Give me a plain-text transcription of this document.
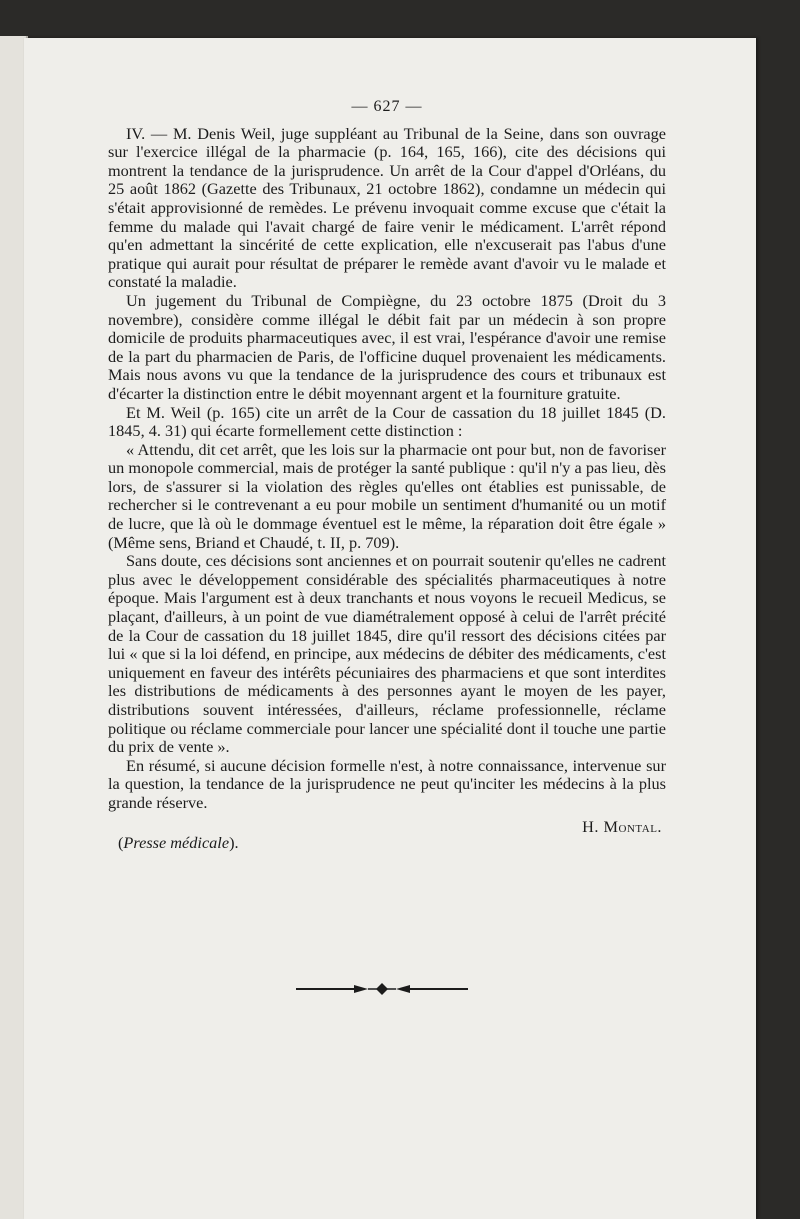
— 627 —

IV. — M. Denis Weil, juge suppléant au Tribunal de la Seine, dans son ouvrage sur l'exercice illégal de la pharmacie (p. 164, 165, 166), cite des décisions qui montrent la tendance de la jurisprudence. Un arrêt de la Cour d'appel d'Orléans, du 25 août 1862 (Gazette des Tribunaux, 21 octobre 1862), condamne un médecin qui s'était approvisionné de remèdes. Le prévenu invoquait comme excuse que c'était la femme du malade qui l'avait chargé de faire venir le médicament. L'arrêt répond qu'en admettant la sincérité de cette explication, elle n'excuserait pas l'abus d'une pratique qui aurait pour résultat de préparer le remède avant d'avoir vu le malade et constaté la maladie.

Un jugement du Tribunal de Compiègne, du 23 octobre 1875 (Droit du 3 novembre), considère comme illégal le débit fait par un médecin à son propre domicile de produits pharmaceutiques avec, il est vrai, l'espérance d'avoir une remise de la part du pharmacien de Paris, de l'officine duquel provenaient les médicaments. Mais nous avons vu que la tendance de la jurisprudence des cours et tribunaux est d'écarter la distinction entre le débit moyennant argent et la fourniture gratuite.

Et M. Weil (p. 165) cite un arrêt de la Cour de cassation du 18 juillet 1845 (D. 1845, 4. 31) qui écarte formellement cette distinction :

« Attendu, dit cet arrêt, que les lois sur la pharmacie ont pour but, non de favoriser un monopole commercial, mais de protéger la santé publique : qu'il n'y a pas lieu, dès lors, de s'assurer si la violation des règles qu'elles ont établies est punissable, de rechercher si le contrevenant a eu pour mobile un sentiment d'humanité ou un motif de lucre, que là où le dommage éventuel est le même, la réparation doit être égale » (Même sens, Briand et Chaudé, t. II, p. 709).

Sans doute, ces décisions sont anciennes et on pourrait soutenir qu'elles ne cadrent plus avec le développement considérable des spécialités pharmaceutiques à notre époque. Mais l'argument est à deux tranchants et nous voyons le recueil Medicus, se plaçant, d'ailleurs, à un point de vue diamétralement opposé à celui de l'arrêt précité de la Cour de cassation du 18 juillet 1845, dire qu'il ressort des décisions citées par lui « que si la loi défend, en principe, aux médecins de débiter des médicaments, c'est uniquement en faveur des intérêts pécuniaires des pharmaciens et que sont interdites les distributions de médicaments à des personnes ayant le moyen de les payer, distributions souvent intéressées, d'ailleurs, réclame professionnelle, réclame politique ou réclame commerciale pour lancer une spécialité dont il touche une partie du prix de vente ».

En résumé, si aucune décision formelle n'est, à notre connaissance, intervenue sur la question, la tendance de la jurisprudence ne peut qu'inciter les médecins à la plus grande réserve.

H. Montal.
(Presse médicale).
